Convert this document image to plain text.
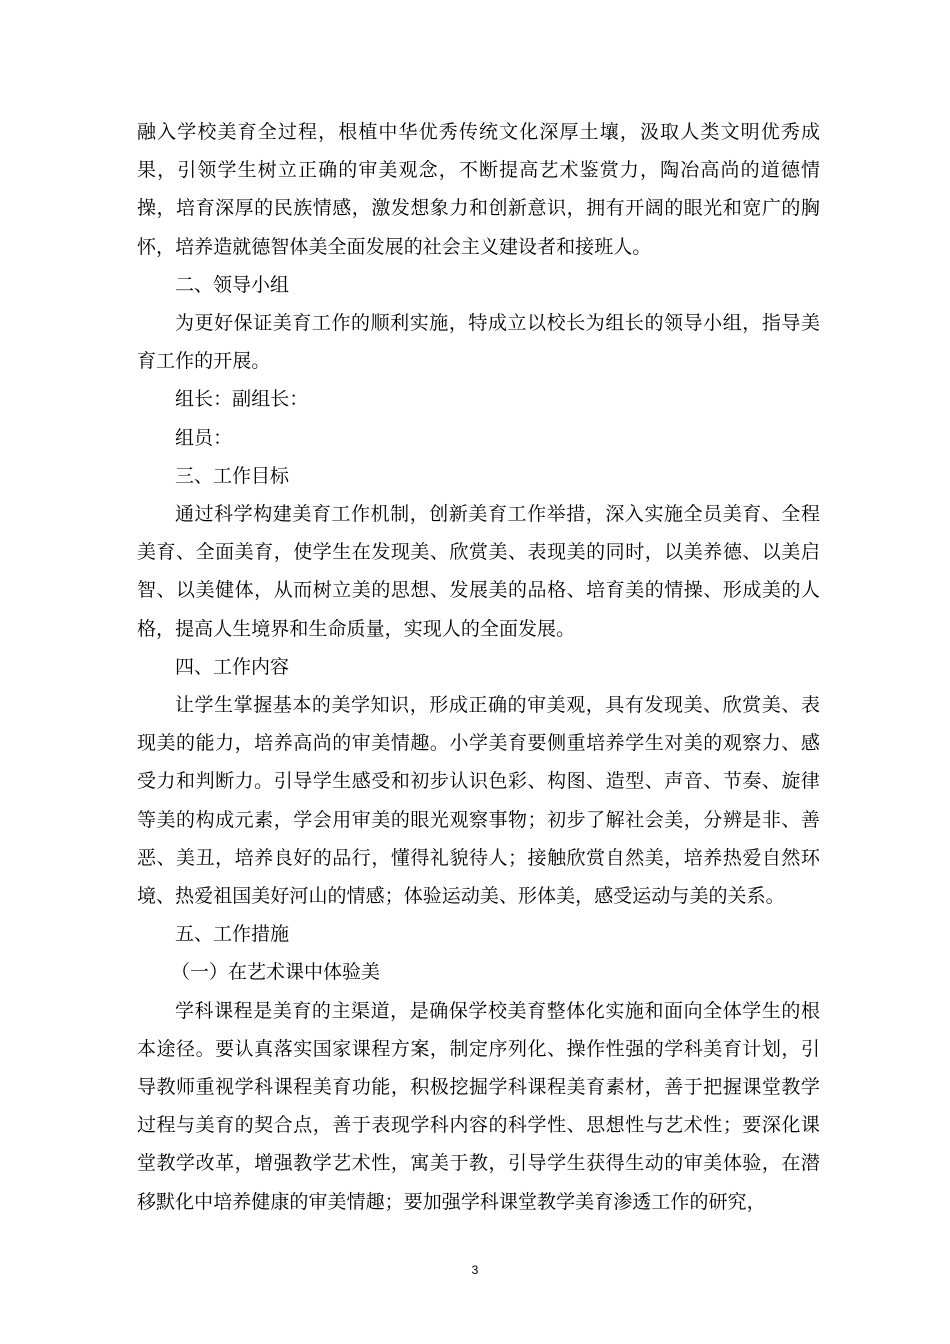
融入学校美育全过程，根植中华优秀传统文化深厚土壤，汲取人类文明优秀成果，引领学生树立正确的审美观念，不断提高艺术鉴赏力，陶冶高尚的道德情操，培育深厚的民族情感，激发想象力和创新意识，拥有开阔的眼光和宽广的胸怀，培养造就德智体美全面发展的社会主义建设者和接班人。

二、领导小组

为更好保证美育工作的顺利实施，特成立以校长为组长的领导小组，指导美育工作的开展。

组长：副组长：

组员：

三、工作目标

通过科学构建美育工作机制，创新美育工作举措，深入实施全员美育、全程美育、全面美育，使学生在发现美、欣赏美、表现美的同时，以美养德、以美启智、以美健体，从而树立美的思想、发展美的品格、培育美的情操、形成美的人格，提高人生境界和生命质量，实现人的全面发展。

四、工作内容

让学生掌握基本的美学知识，形成正确的审美观，具有发现美、欣赏美、表现美的能力，培养高尚的审美情趣。小学美育要侧重培养学生对美的观察力、感受力和判断力。引导学生感受和初步认识色彩、构图、造型、声音、节奏、旋律等美的构成元素，学会用审美的眼光观察事物；初步了解社会美，分辨是非、善恶、美丑，培养良好的品行，懂得礼貌待人；接触欣赏自然美，培养热爱自然环境、热爱祖国美好河山的情感；体验运动美、形体美，感受运动与美的关系。

五、工作措施

（一）在艺术课中体验美

学科课程是美育的主渠道，是确保学校美育整体化实施和面向全体学生的根本途径。要认真落实国家课程方案，制定序列化、操作性强的学科美育计划，引导教师重视学科课程美育功能，积极挖掘学科课程美育素材，善于把握课堂教学过程与美育的契合点，善于表现学科内容的科学性、思想性与艺术性；要深化课堂教学改革，增强教学艺术性，寓美于教，引导学生获得生动的审美体验，在潜移默化中培养健康的审美情趣；要加强学科课堂教学美育渗透工作的研究，

3
